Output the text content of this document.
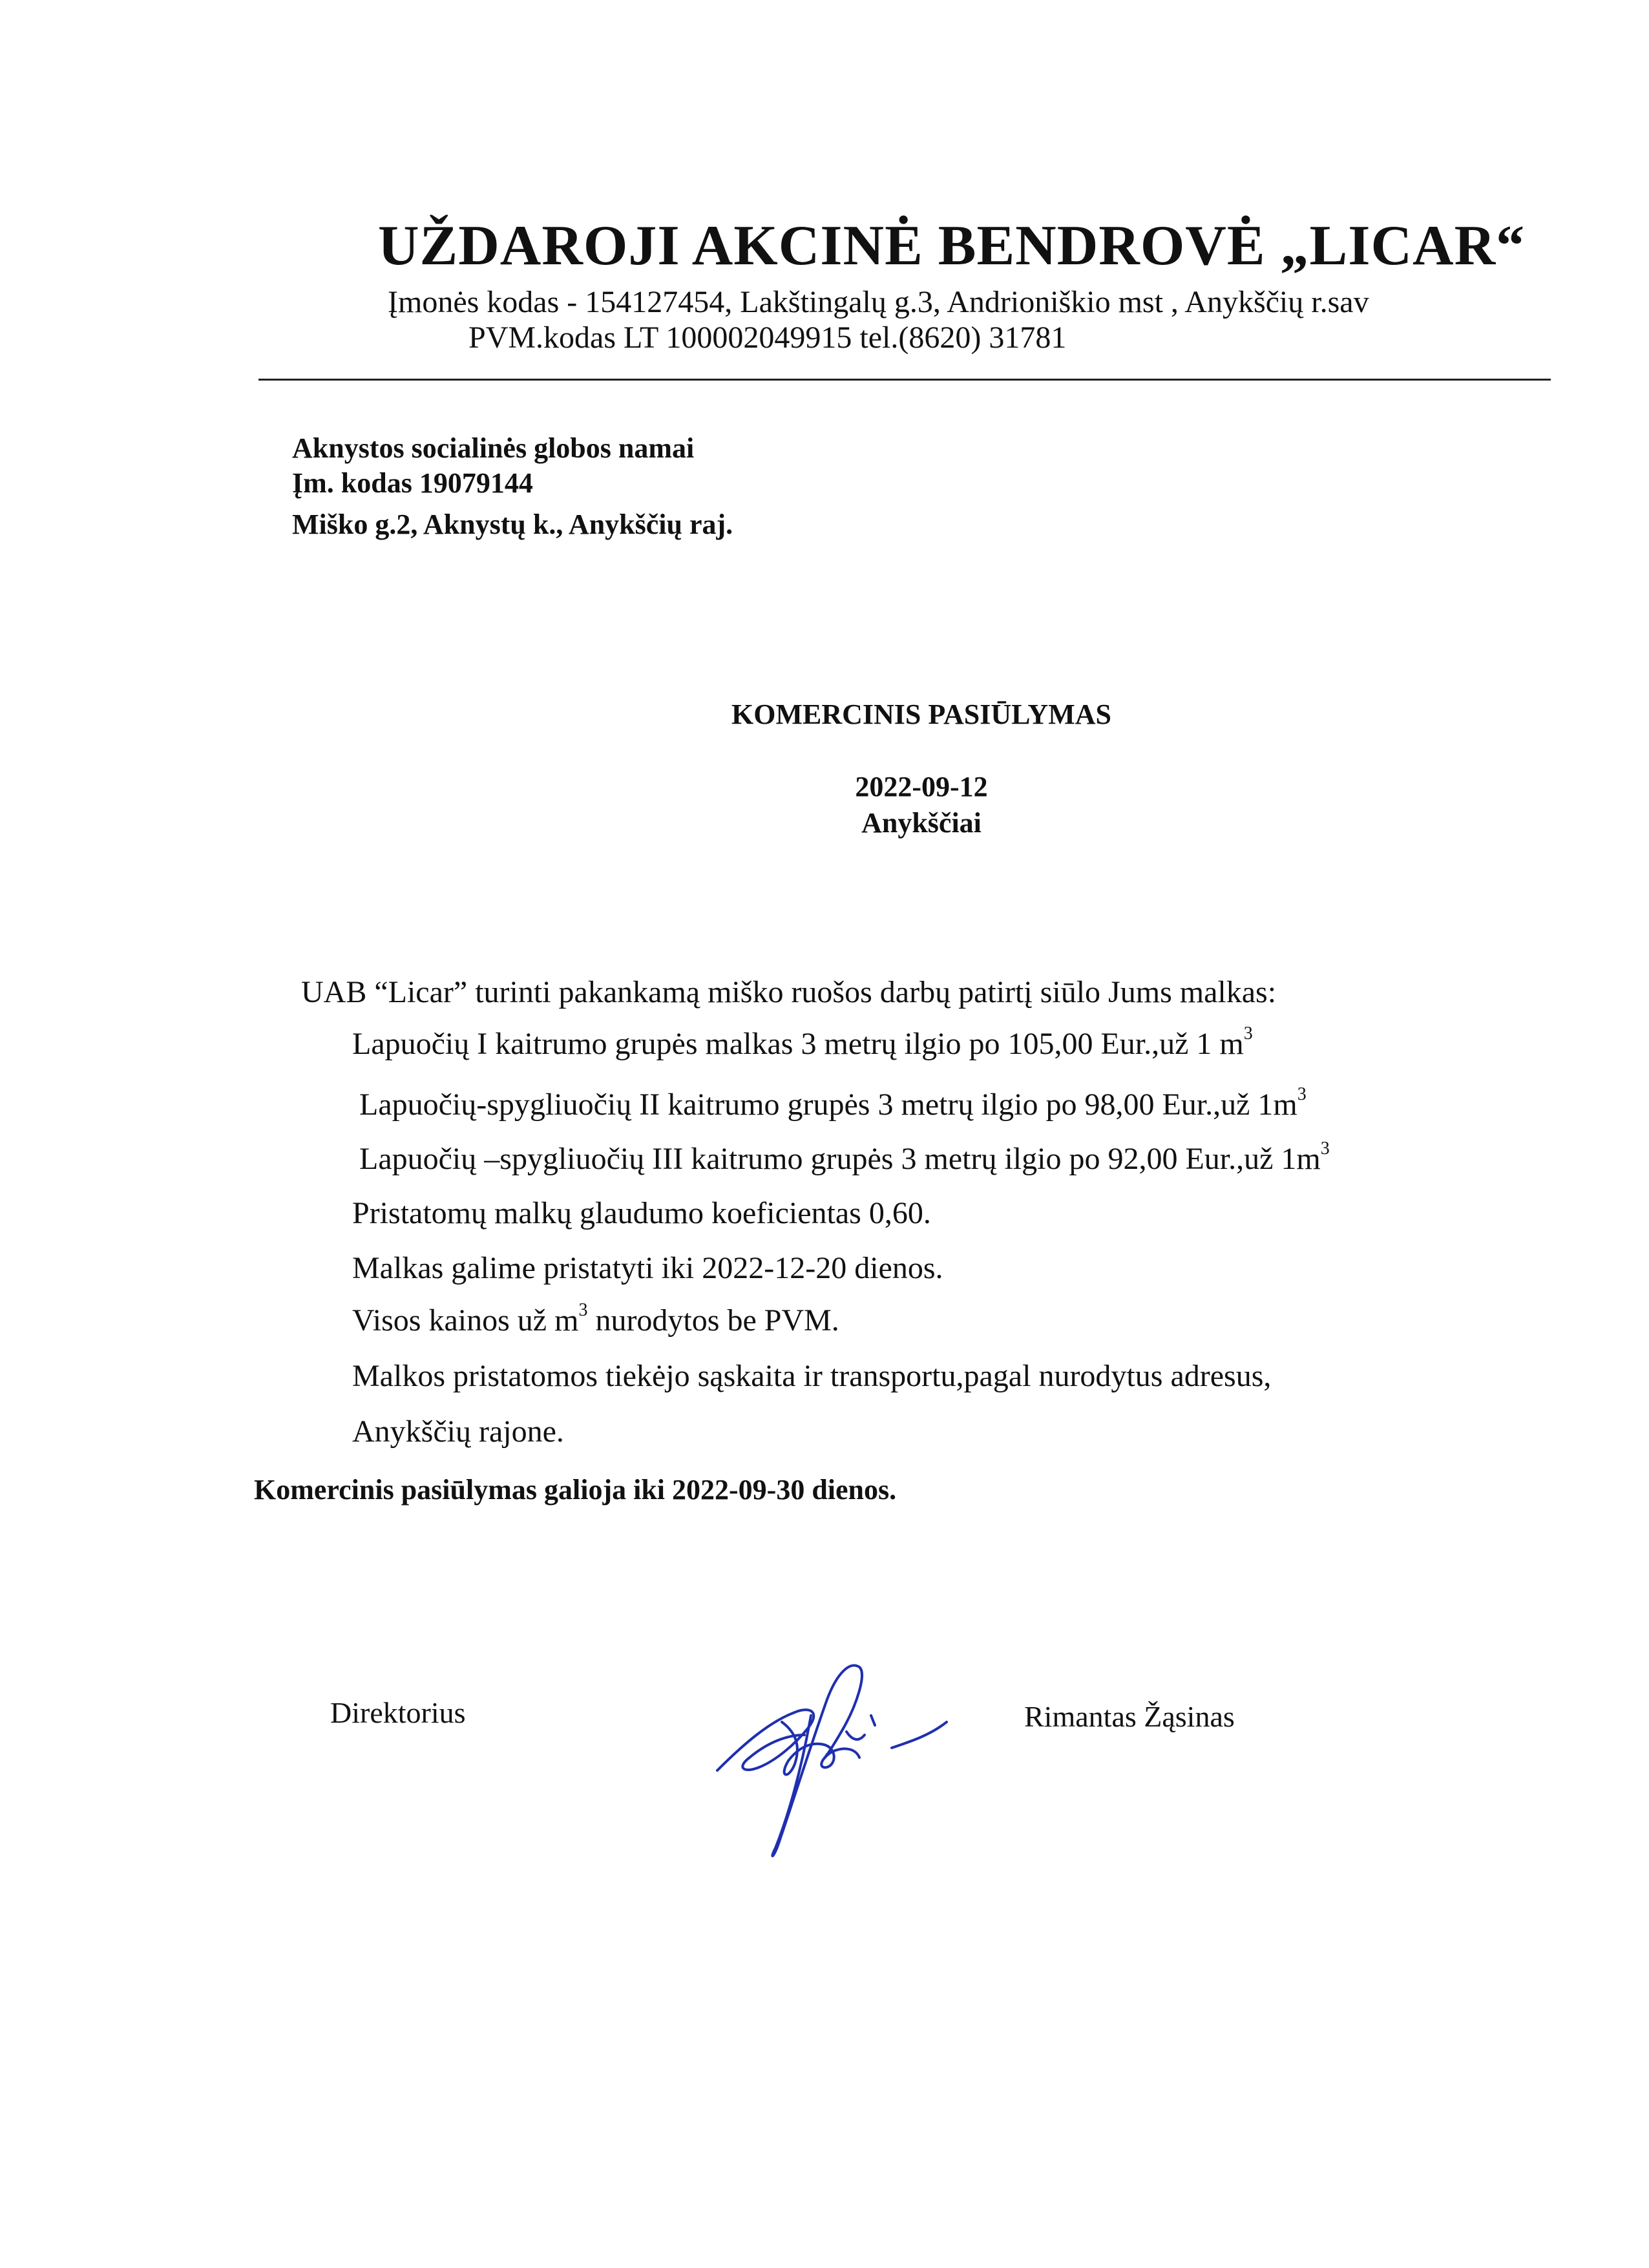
UŽDAROJI AKCINĖ BENDROVĖ „LICAR“
Įmonės kodas - 154127454, Lakštingalų g.3, Andrioniškio mst , Anykščių r.sav
PVM.kodas LT 100002049915 tel.(8620) 31781
Aknystos socialinės globos namai
Įm. kodas 19079144
Miško g.2, Aknystų k., Anykščių raj.
KOMERCINIS PASIŪLYMAS
2022-09-12
Anykščiai
UAB “Licar” turinti pakankamą miško ruošos darbų patirtį siūlo Jums malkas:
Lapuočių I kaitrumo grupės malkas 3 metrų ilgio po 105,00 Eur.,už 1 $m^3$
Lapuočių-spygliuočių II kaitrumo grupės 3 metrų ilgio po 98,00 Eur.,už $1m^3$
Lapuočių –spygliuočių III kaitrumo grupės 3 metrų ilgio po 92,00 Eur.,už $1m^3$
Pristatomų malkų glaudumo koeficientas 0,60.
Malkas galime pristatyti iki 2022-12-20 dienos.
Visos kainos už $m^3$ nurodytos be PVM.
Malkos pristatomos tiekėjo sąskaita ir transportu,pagal nurodytus adresus,
Anykščių rajone.
Komercinis pasiūlymas galioja iki 2022-09-30 dienos.
Direktorius	Rimantas Žąsinas
